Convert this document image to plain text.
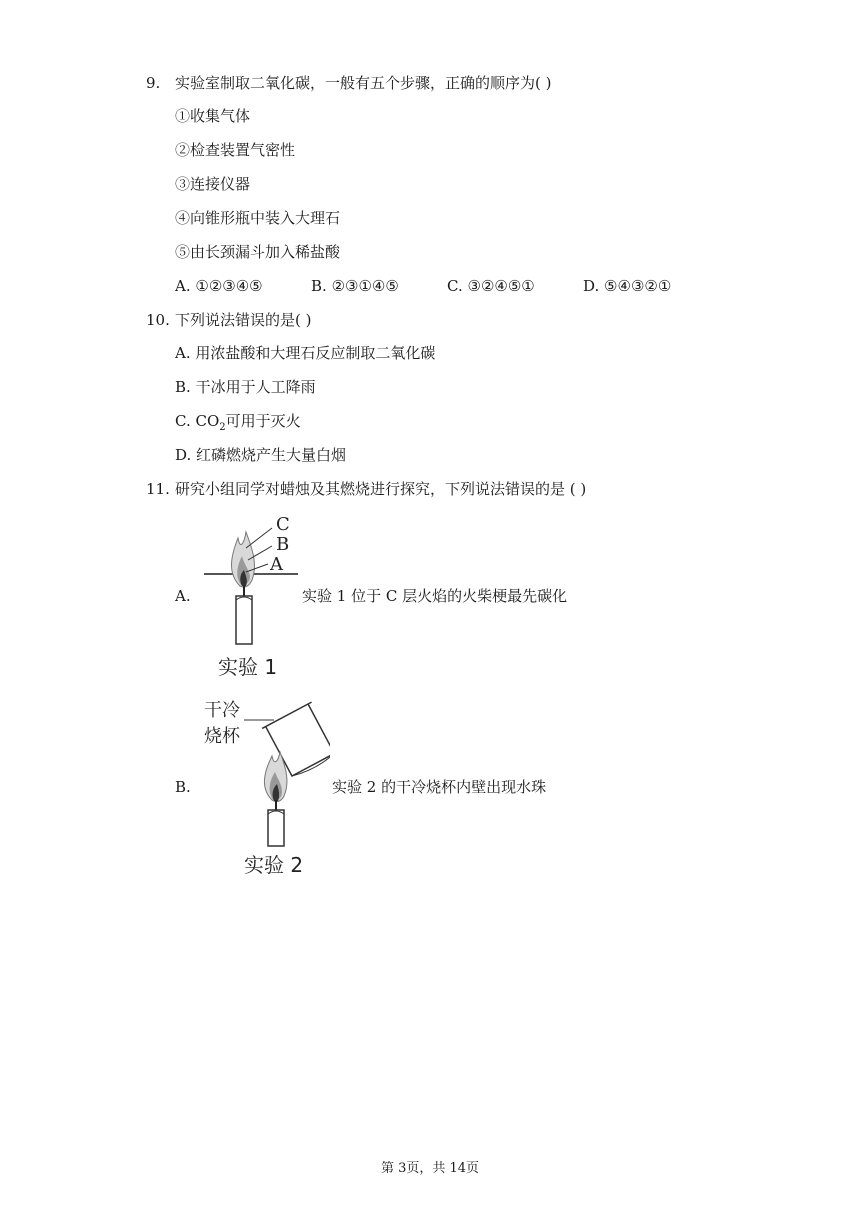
9. 实验室制取二氧化碳，一般有五个步骤，正确的顺序为( )
①收集气体
②检查装置气密性
③连接仪器
④向锥形瓶中装入大理石
⑤由长颈漏斗加入稀盐酸
A. ①②③④⑤	B. ②③①④⑤	C. ③②④⑤①	D. ⑤④③②①
10. 下列说法错误的是( )
A. 用浓盐酸和大理石反应制取二氧化碳
B. 干冰用于人工降雨
C. $CO_2$可用于灭火
D. 红磷燃烧产生大量白烟
11. 研究小组同学对蜡烛及其燃烧进行探究，下列说法错误的是 ( )
A.
C
B
A
实验 1
实验 1 位于 C 层火焰的火柴梗最先碳化
B.
干冷
烧杯
实验 2
实验 2 的干冷烧杯内壁出现水珠
第 3页，共 14页
